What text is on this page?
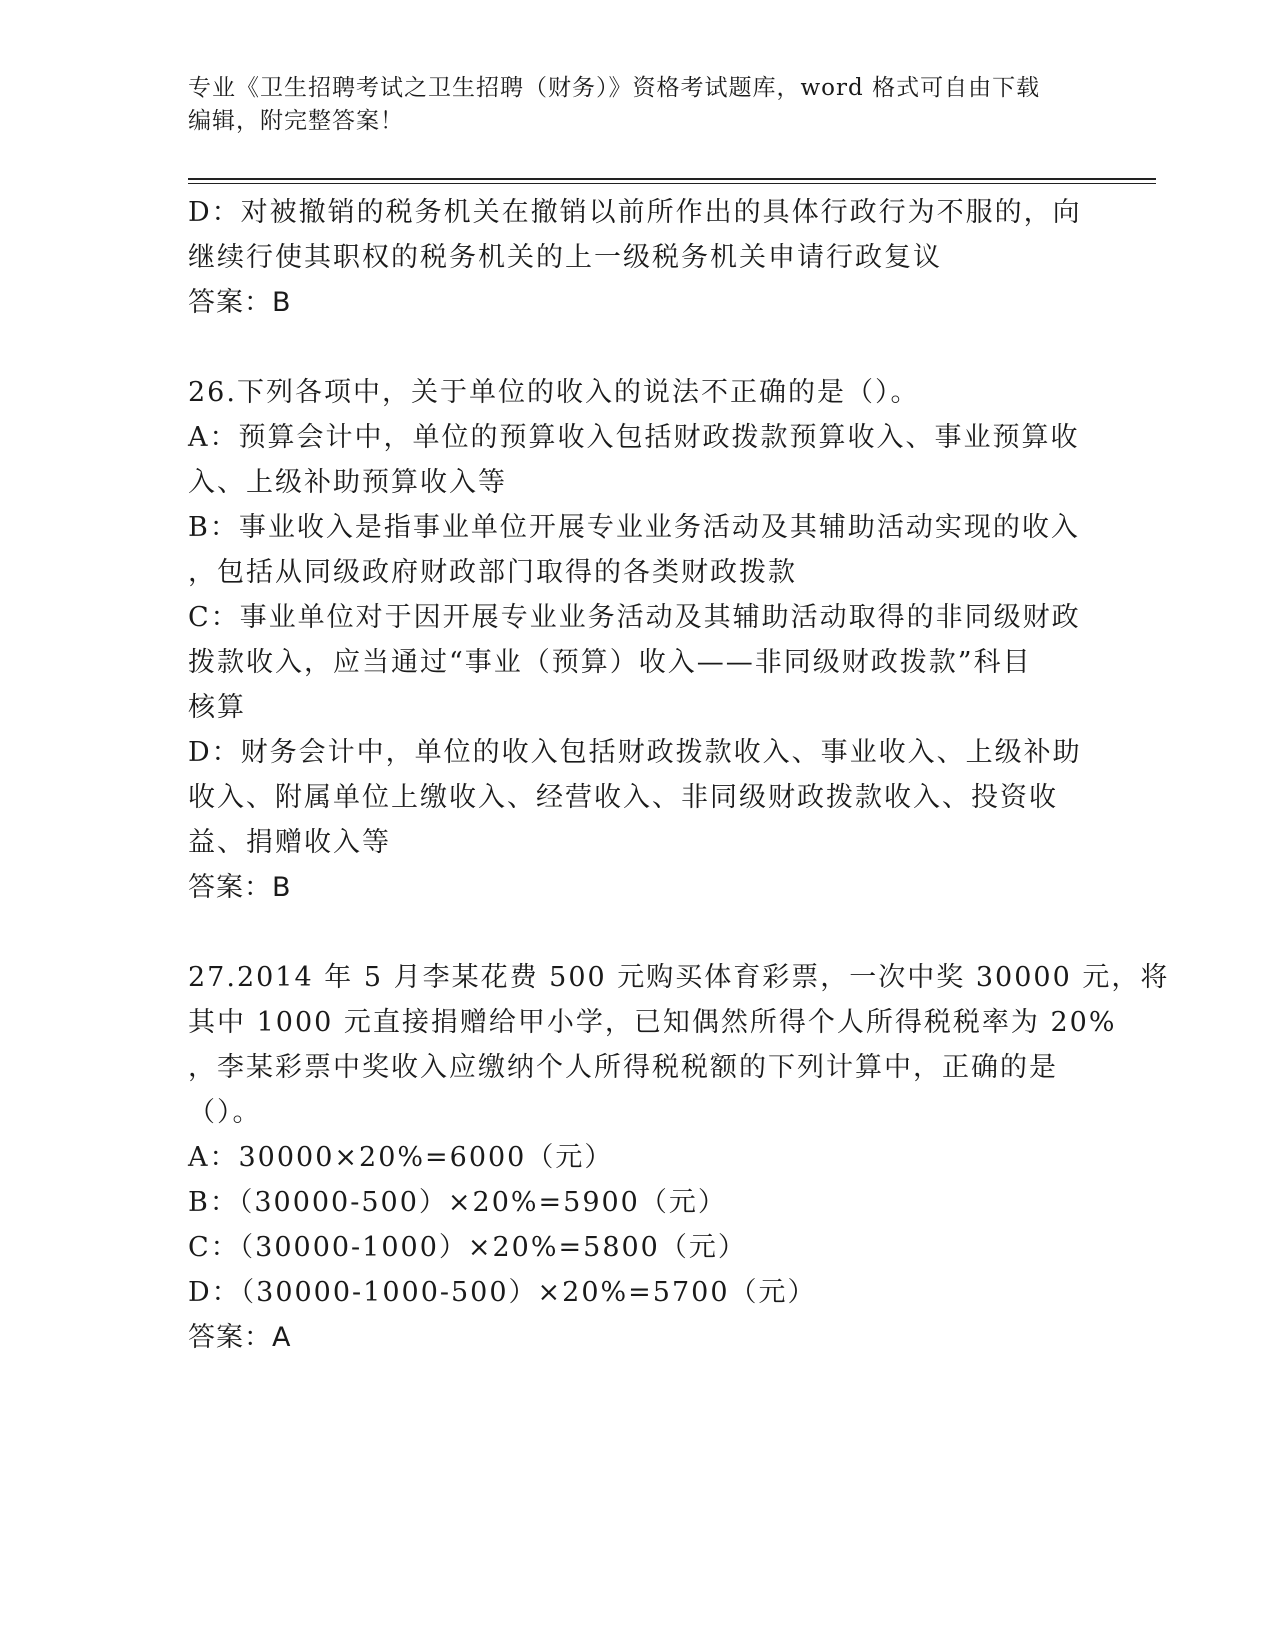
专业《卫生招聘考试之卫生招聘（财务）》资格考试题库，word 格式可自由下载
编辑，附完整答案！
D：对被撤销的税务机关在撤销以前所作出的具体行政行为不服的，向
继续行使其职权的税务机关的上一级税务机关申请行政复议
答案：B
26.下列各项中，关于单位的收入的说法不正确的是（）。
A：预算会计中，单位的预算收入包括财政拨款预算收入、事业预算收
入、上级补助预算收入等
B：事业收入是指事业单位开展专业业务活动及其辅助活动实现的收入
，包括从同级政府财政部门取得的各类财政拨款
C：事业单位对于因开展专业业务活动及其辅助活动取得的非同级财政
拨款收入，应当通过“事业（预算）收入——非同级财政拨款”科目
核算
D：财务会计中，单位的收入包括财政拨款收入、事业收入、上级补助
收入、附属单位上缴收入、经营收入、非同级财政拨款收入、投资收
益、捐赠收入等
答案：B
27.2014 年 5 月李某花费 500 元购买体育彩票，一次中奖 30000 元，将
其中 1000 元直接捐赠给甲小学，已知偶然所得个人所得税税率为 20%
，李某彩票中奖收入应缴纳个人所得税税额的下列计算中，正确的是
（）。
A：30000×20%=6000（元）
B：（30000-500）×20%=5900（元）
C：（30000-1000）×20%=5800（元）
D：（30000-1000-500）×20%=5700（元）
答案：A
